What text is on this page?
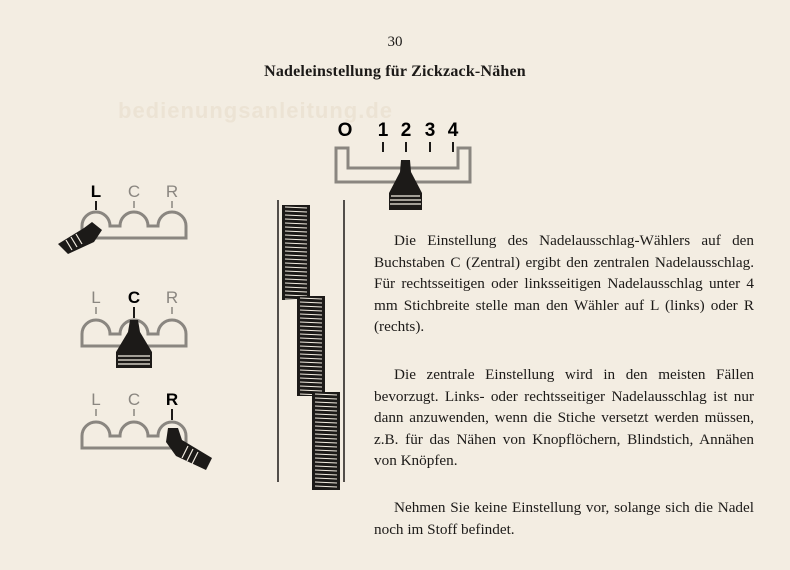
bedienungsanleitung.de
30
Nadeleinstellung für Zickzack-Nähen
O 1 2 3 4
L C R
L C R
L C R

Die Einstellung des Nadelausschlag-Wählers auf den Buchstaben C (Zentral) ergibt den zentralen Nadelausschlag. Für rechtsseitigen oder linksseitigen Nadelausschlag unter 4 mm Stichbreite stelle man den Wähler auf L (links) oder R (rechts).

Die zentrale Einstellung wird in den meisten Fällen bevorzugt. Links- oder rechtsseitiger Nadelausschlag ist nur dann anzuwenden, wenn die Stiche versetzt werden müssen, z.B. für das Nähen von Knopflöchern, Blindstich, Annähen von Knöpfen.

Nehmen Sie keine Einstellung vor, solange sich die Nadel noch im Stoff befindet.
